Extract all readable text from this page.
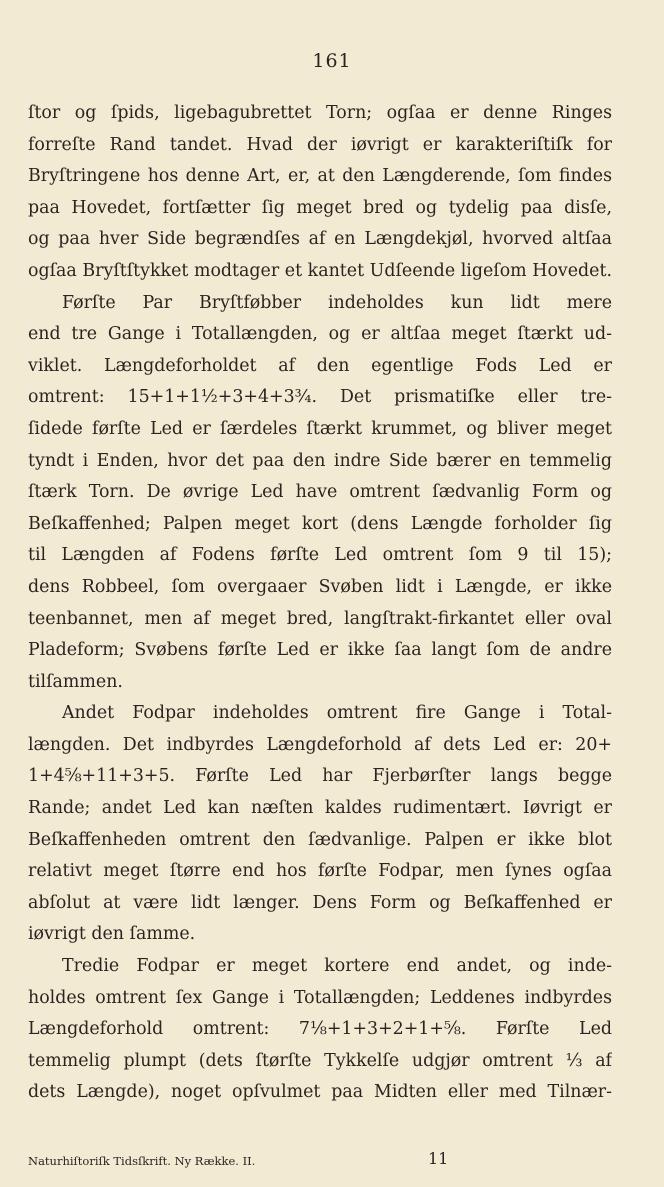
161
ſtor og ſpids, ligebagubrettet Torn; ogſaa er denne Ringes
forreſte Rand tandet. Hvad der iøvrigt er karakteriſtiſk for
Bryſtringene hos denne Art, er, at den Længderende, ſom findes
paa Hovedet, fortſætter ſig meget bred og tydelig paa disſe,
og paa hver Side begrændſes af en Længdekjøl, hvorved altſaa
ogſaa Bryſtſtykket modtager et kantet Udſeende ligeſom Hovedet.
Førſte Par Bryſtføbber indeholdes kun lidt mere
end tre Gange i Totallængden, og er altſaa meget ſtærkt ud-
viklet. Længdeforholdet af den egentlige Fods Led er
omtrent: 15+1+1½+3+4+3¾. Det prismatiſke eller tre-
ſidede førſte Led er ſærdeles ſtærkt krummet, og bliver meget
tyndt i Enden, hvor det paa den indre Side bærer en temmelig
ſtærk Torn. De øvrige Led have omtrent ſædvanlig Form og
Beſkaffenhed; Palpen meget kort (dens Længde forholder ſig
til Længden af Fodens førſte Led omtrent ſom 9 til 15);
dens Robbeel, ſom overgaaer Svøben lidt i Længde, er ikke
teenbannet, men af meget bred, langſtrakt-firkantet eller oval
Pladeform; Svøbens førſte Led er ikke ſaa langt ſom de andre
tilſammen.
Andet Fodpar indeholdes omtrent fire Gange i Total-
længden. Det indbyrdes Længdeforhold af dets Led er: 20+
1+4⅝+11+3+5. Førſte Led har Fjerbørſter langs begge
Rande; andet Led kan næſten kaldes rudimentært. Iøvrigt er
Beſkaffenheden omtrent den ſædvanlige. Palpen er ikke blot
relativt meget ſtørre end hos førſte Fodpar, men ſynes ogſaa
abſolut at være lidt længer. Dens Form og Beſkaffenhed er
iøvrigt den ſamme.
Tredie Fodpar er meget kortere end andet, og inde-
holdes omtrent ſex Gange i Totallængden; Leddenes indbyrdes
Længdeforhold omtrent: 7⅛+1+3+2+1+⅝. Førſte Led
temmelig plumpt (dets ſtørſte Tykkelſe udgjør omtrent ⅓ af
dets Længde), noget opſvulmet paa Midten eller med Tilnær-
Naturhiſtoriſk Tidsſkrift. Ny Række. II.	11
